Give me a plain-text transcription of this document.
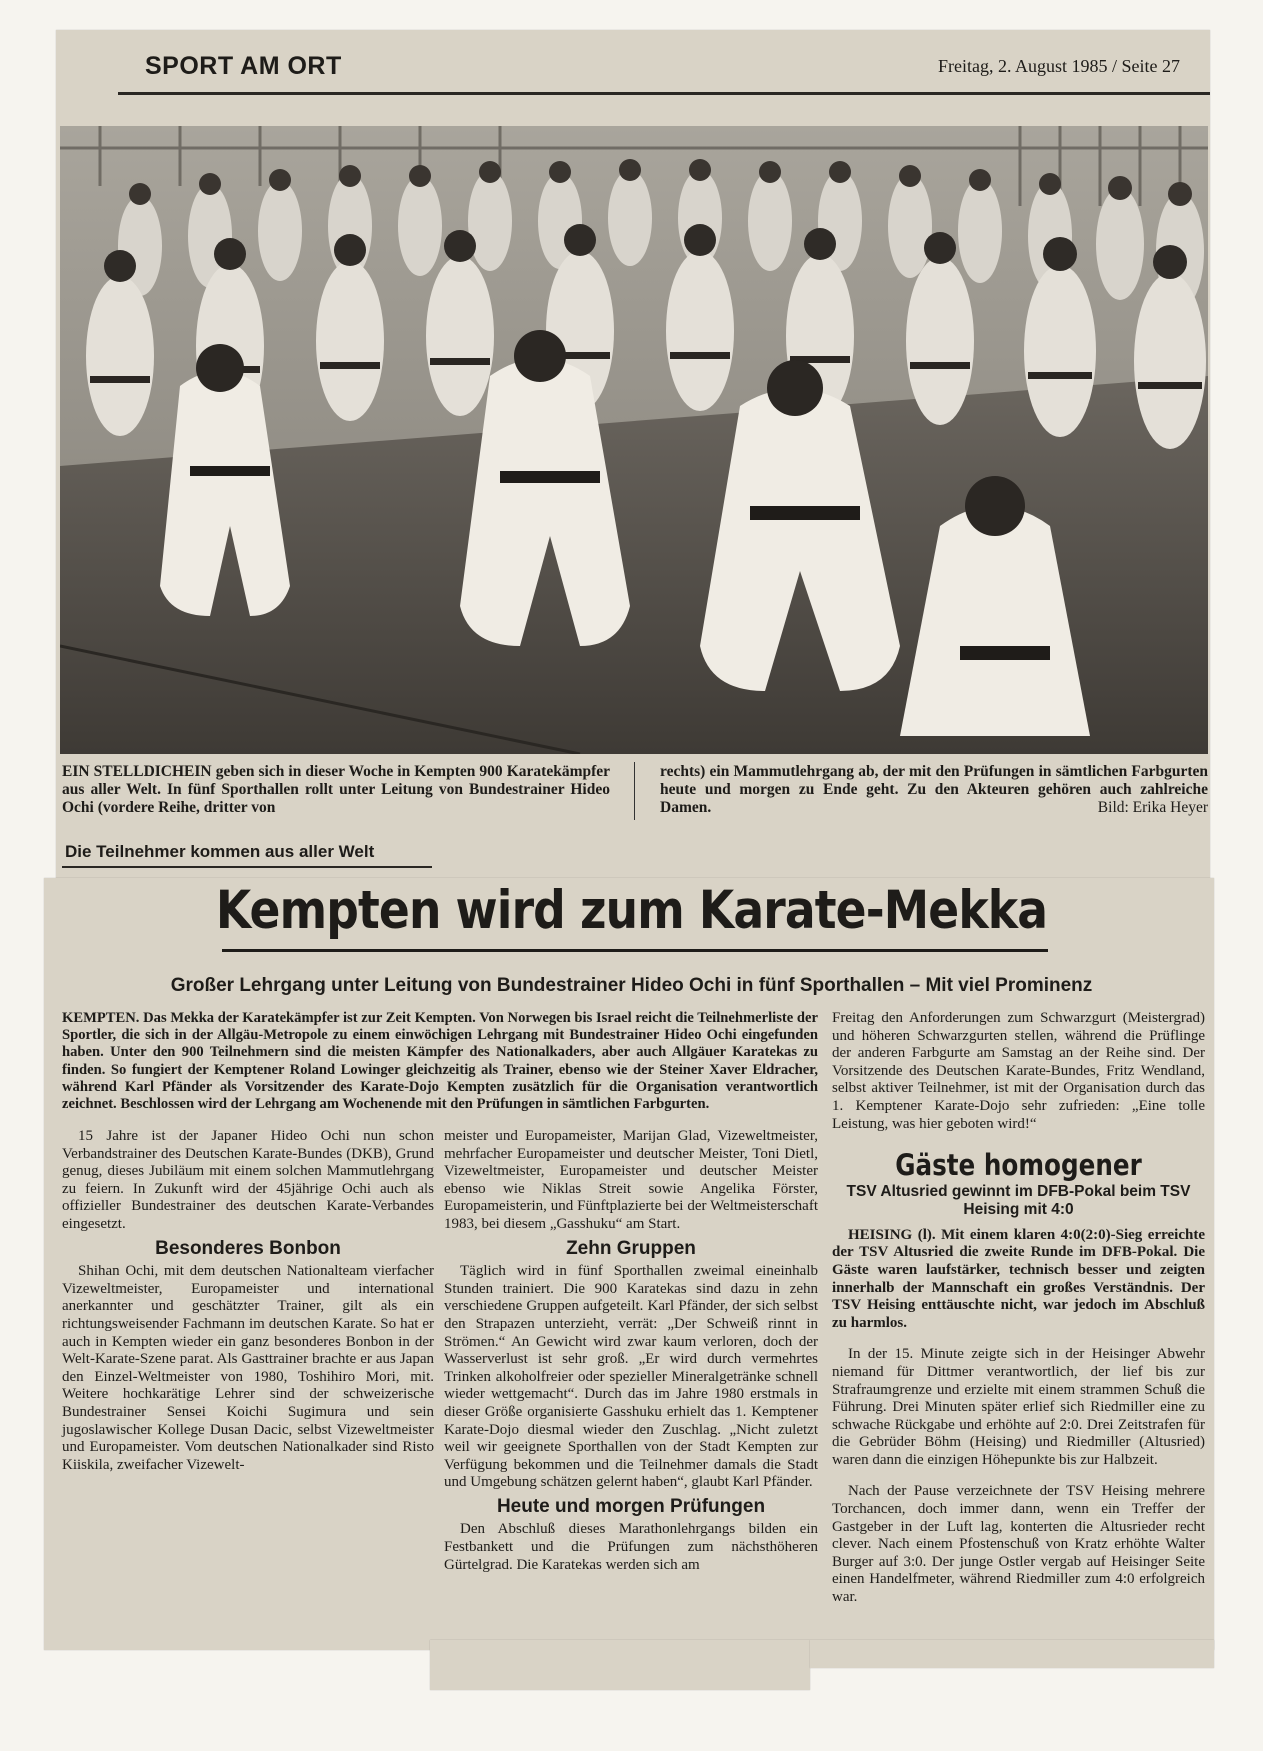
SPORT AM ORT	Freitag, 2. August 1985 / Seite 27
EIN STELLDICHEIN geben sich in dieser Woche in Kempten 900 Karatekämpfer aus aller Welt. In fünf Sporthallen rollt unter Leitung von Bundestrainer Hideo Ochi (vordere Reihe, dritter von
rechts) ein Mammutlehrgang ab, der mit den Prüfungen in sämtlichen Farbgurten heute und morgen zu Ende geht. Zu den Akteuren gehören auch zahlreiche Damen.	Bild: Erika Heyer
Die Teilnehmer kommen aus aller Welt
Kempten wird zum Karate-Mekka
Großer Lehrgang unter Leitung von Bundestrainer Hideo Ochi in fünf Sporthallen – Mit viel Prominenz
KEMPTEN. Das Mekka der Karatekämpfer ist zur Zeit Kempten. Von Norwegen bis Israel reicht die Teilnehmerliste der Sportler, die sich in der Allgäu-Metropole zu einem einwöchigen Lehrgang mit Bundestrainer Hideo Ochi eingefunden haben. Unter den 900 Teilnehmern sind die meisten Kämpfer des Nationalkaders, aber auch Allgäuer Karatekas zu finden. So fungiert der Kemptener Roland Lowinger gleichzeitig als Trainer, ebenso wie der Steiner Xaver Eldracher, während Karl Pfänder als Vorsitzender des Karate-Dojo Kempten zusätzlich für die Organisation verantwortlich zeichnet. Beschlossen wird der Lehrgang am Wochenende mit den Prüfungen in sämtlichen Farbgurten.

15 Jahre ist der Japaner Hideo Ochi nun schon Verbandstrainer des Deutschen Karate-Bundes (DKB), Grund genug, dieses Jubiläum mit einem solchen Mammutlehrgang zu feiern. In Zukunft wird der 45jährige Ochi auch als offizieller Bundestrainer des deutschen Karate-Verbandes eingesetzt.

Besonderes Bonbon

Shihan Ochi, mit dem deutschen Nationalteam vierfacher Vizeweltmeister, Europameister und international anerkannter und geschätzter Trainer, gilt als ein richtungsweisender Fachmann im deutschen Karate. So hat er auch in Kempten wieder ein ganz besonderes Bonbon in der Welt-Karate-Szene parat. Als Gasttrainer brachte er aus Japan den Einzel-Weltmeister von 1980, Toshihiro Mori, mit. Weitere hochkarätige Lehrer sind der schweizerische Bundestrainer Sensei Koichi Sugimura und sein jugoslawischer Kollege Dusan Dacic, selbst Vizeweltmeister und Europameister. Vom deutschen Nationalkader sind Risto Kiiskila, zweifacher Vizewelt-

meister und Europameister, Marijan Glad, Vizeweltmeister, mehrfacher Europameister und deutscher Meister, Toni Dietl, Vizeweltmeister, Europameister und deutscher Meister ebenso wie Niklas Streit sowie Angelika Förster, Europameisterin, und Fünftplazierte bei der Weltmeisterschaft 1983, bei diesem „Gasshuku“ am Start.

Zehn Gruppen

Täglich wird in fünf Sporthallen zweimal eineinhalb Stunden trainiert. Die 900 Karatekas sind dazu in zehn verschiedene Gruppen aufgeteilt. Karl Pfänder, der sich selbst den Strapazen unterzieht, verrät: „Der Schweiß rinnt in Strömen.“ An Gewicht wird zwar kaum verloren, doch der Wasserverlust ist sehr groß. „Er wird durch vermehrtes Trinken alkoholfreier oder spezieller Mineralgetränke schnell wieder wettgemacht“. Durch das im Jahre 1980 erstmals in dieser Größe organisierte Gasshuku erhielt das 1. Kemptener Karate-Dojo diesmal wieder den Zuschlag. „Nicht zuletzt weil wir geeignete Sporthallen von der Stadt Kempten zur Verfügung bekommen und die Teilnehmer damals die Stadt und Umgebung schätzen gelernt haben“, glaubt Karl Pfänder.

Heute und morgen Prüfungen

Den Abschluß dieses Marathonlehrgangs bilden ein Festbankett und die Prüfungen zum nächsthöheren Gürtelgrad. Die Karatekas werden sich am

Freitag den Anforderungen zum Schwarzgurt (Meistergrad) und höheren Schwarzgurten stellen, während die Prüflinge der anderen Farbgurte am Samstag an der Reihe sind. Der Vorsitzende des Deutschen Karate-Bundes, Fritz Wendland, selbst aktiver Teilnehmer, ist mit der Organisation durch das 1. Kemptener Karate-Dojo sehr zufrieden: „Eine tolle Leistung, was hier geboten wird!“

Gäste homogener
TSV Altusried gewinnt im DFB-Pokal beim TSV Heising mit 4:0

HEISING (l). Mit einem klaren 4:0(2:0)-Sieg erreichte der TSV Altusried die zweite Runde im DFB-Pokal. Die Gäste waren laufstärker, technisch besser und zeigten innerhalb der Mannschaft ein großes Verständnis. Der TSV Heising enttäuschte nicht, war jedoch im Abschluß zu harmlos.

In der 15. Minute zeigte sich in der Heisinger Abwehr niemand für Dittmer verantwortlich, der lief bis zur Strafraumgrenze und erzielte mit einem strammen Schuß die Führung. Drei Minuten später erlief sich Riedmiller eine zu schwache Rückgabe und erhöhte auf 2:0. Drei Zeitstrafen für die Gebrüder Böhm (Heising) und Riedmiller (Altusried) waren dann die einzigen Höhepunkte bis zur Halbzeit.

Nach der Pause verzeichnete der TSV Heising mehrere Torchancen, doch immer dann, wenn ein Treffer der Gastgeber in der Luft lag, konterten die Altusrieder recht clever. Nach einem Pfostenschuß von Kratz erhöhte Walter Burger auf 3:0. Der junge Ostler vergab auf Heisinger Seite einen Handelfmeter, während Riedmiller zum 4:0 erfolgreich war.
